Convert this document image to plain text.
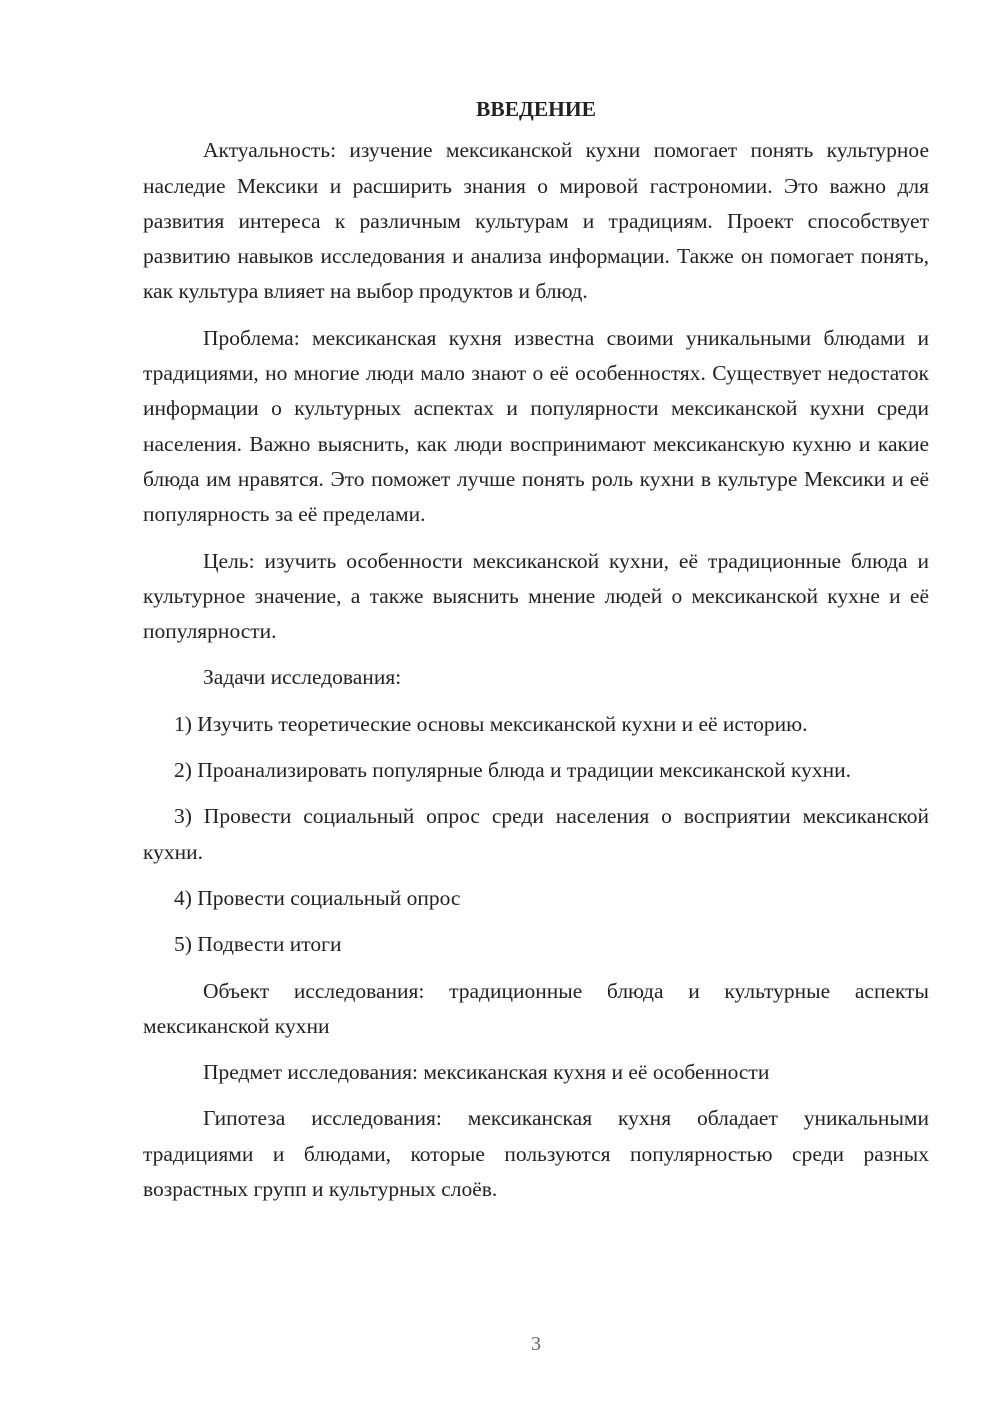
ВВЕДЕНИЕ

Актуальность: изучение мексиканской кухни помогает понять культурное наследие Мексики и расширить знания о мировой гастрономии. Это важно для развития интереса к различным культурам и традициям. Проект способствует развитию навыков исследования и анализа информации. Также он помогает понять, как культура влияет на выбор продуктов и блюд.

Проблема: мексиканская кухня известна своими уникальными блюдами и традициями, но многие люди мало знают о её особенностях. Существует недостаток информации о культурных аспектах и популярности мексиканской кухни среди населения. Важно выяснить, как люди воспринимают мексиканскую кухню и какие блюда им нравятся. Это поможет лучше понять роль кухни в культуре Мексики и её популярность за её пределами.

Цель: изучить особенности мексиканской кухни, её традиционные блюда и культурное значение, а также выяснить мнение людей о мексиканской кухне и её популярности.

Задачи исследования:

1) Изучить теоретические основы мексиканской кухни и её историю.

2) Проанализировать популярные блюда и традиции мексиканской кухни.

3) Провести социальный опрос среди населения о восприятии мексиканской кухни.

4) Провести социальный опрос

5) Подвести итоги

Объект исследования: традиционные блюда и культурные аспекты мексиканской кухни

Предмет исследования: мексиканская кухня и её особенности

Гипотеза исследования: мексиканская кухня обладает уникальными традициями и блюдами, которые пользуются популярностью среди разных возрастных групп и культурных слоёв.

3
